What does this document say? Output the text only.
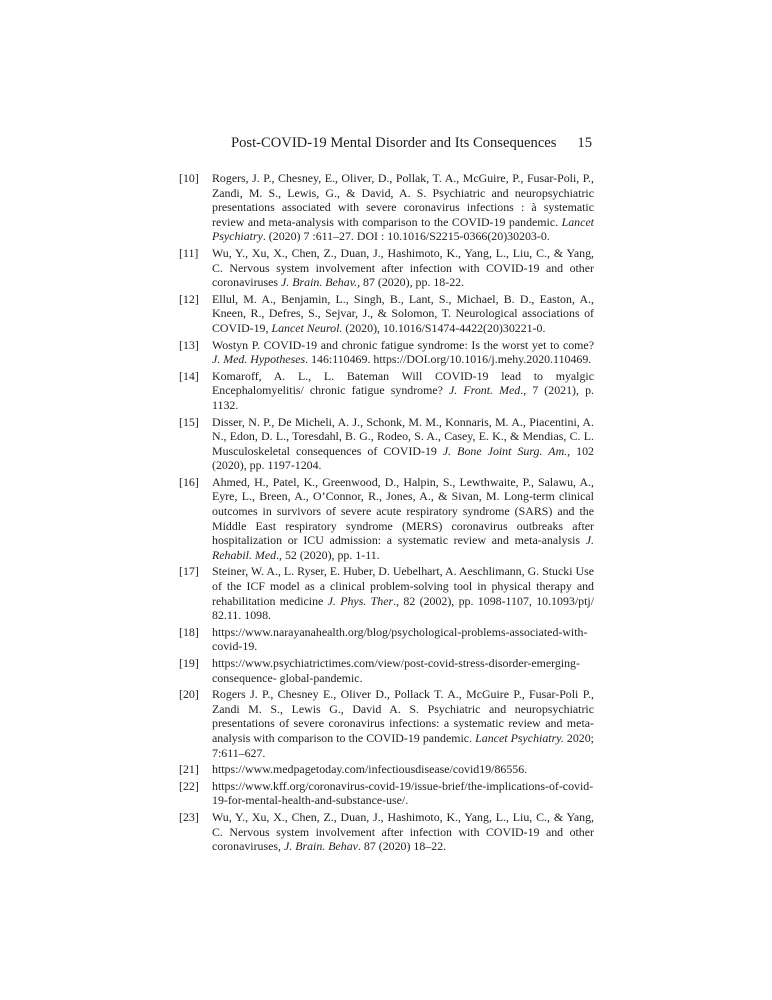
Post-COVID-19 Mental Disorder and Its Consequences 15
[10] Rogers, J. P., Chesney, E., Oliver, D., Pollak, T. A., McGuire, P., Fusar-Poli, P., Zandi, M. S., Lewis, G., & David, A. S. Psychiatric and neuropsychiatric presentations associated with severe coronavirus infections : à systematic review and meta-analysis with comparison to the COVID-19 pandemic. Lancet Psychiatry. (2020) 7 :611–27. DOI : 10.1016/S2215-0366(20)30203-0.
[11] Wu, Y., Xu, X., Chen, Z., Duan, J., Hashimoto, K., Yang, L., Liu, C., & Yang, C. Nervous system involvement after infection with COVID-19 and other coronaviruses J. Brain. Behav., 87 (2020), pp. 18-22.
[12] Ellul, M. A., Benjamin, L., Singh, B., Lant, S., Michael, B. D., Easton, A., Kneen, R., Defres, S., Sejvar, J., & Solomon, T. Neurological associations of COVID-19, Lancet Neurol. (2020), 10.1016/S1474-4422(20)30221-0.
[13] Wostyn P. COVID-19 and chronic fatigue syndrome: Is the worst yet to come? J. Med. Hypotheses. 146:110469. https://DOI.org/10.1016/j.mehy.2020.110469.
[14] Komaroff, A. L., L. Bateman Will COVID-19 lead to myalgic Encephalomyelitis/ chronic fatigue syndrome? J. Front. Med., 7 (2021), p. 1132.
[15] Disser, N. P., De Micheli, A. J., Schonk, M. M., Konnaris, M. A., Piacentini, A. N., Edon, D. L., Toresdahl, B. G., Rodeo, S. A., Casey, E. K., & Mendias, C. L. Musculoskeletal consequences of COVID-19 J. Bone Joint Surg. Am., 102 (2020), pp. 1197-1204.
[16] Ahmed, H., Patel, K., Greenwood, D., Halpin, S., Lewthwaite, P., Salawu, A., Eyre, L., Breen, A., O’Connor, R., Jones, A., & Sivan, M. Long-term clinical outcomes in survivors of severe acute respiratory syndrome (SARS) and the Middle East respiratory syndrome (MERS) coronavirus outbreaks after hospitalization or ICU admission: a systematic review and meta-analysis J. Rehabil. Med., 52 (2020), pp. 1-11.
[17] Steiner, W. A., L. Ryser, E. Huber, D. Uebelhart, A. Aeschlimann, G. Stucki Use of the ICF model as a clinical problem-solving tool in physical therapy and rehabilitation medicine J. Phys. Ther., 82 (2002), pp. 1098-1107, 10.1093/ptj/ 82.11. 1098.
[18] https://www.narayanahealth.org/blog/psychological-problems-associated-with-covid-19.
[19] https://www.psychiatrictimes.com/view/post-covid-stress-disorder-emerging-consequence- global-pandemic.
[20] Rogers J. P., Chesney E., Oliver D., Pollack T. A., McGuire P., Fusar-Poli P., Zandi M. S., Lewis G., David A. S. Psychiatric and neuropsychiatric presentations of severe coronavirus infections: a systematic review and meta-analysis with comparison to the COVID-19 pandemic. Lancet Psychiatry. 2020; 7:611–627.
[21] https://www.medpagetoday.com/infectiousdisease/covid19/86556.
[22] https://www.kff.org/coronavirus-covid-19/issue-brief/the-implications-of-covid-19-for-mental-health-and-substance-use/.
[23] Wu, Y., Xu, X., Chen, Z., Duan, J., Hashimoto, K., Yang, L., Liu, C., & Yang, C. Nervous system involvement after infection with COVID-19 and other coronaviruses, J. Brain. Behav. 87 (2020) 18–22.
